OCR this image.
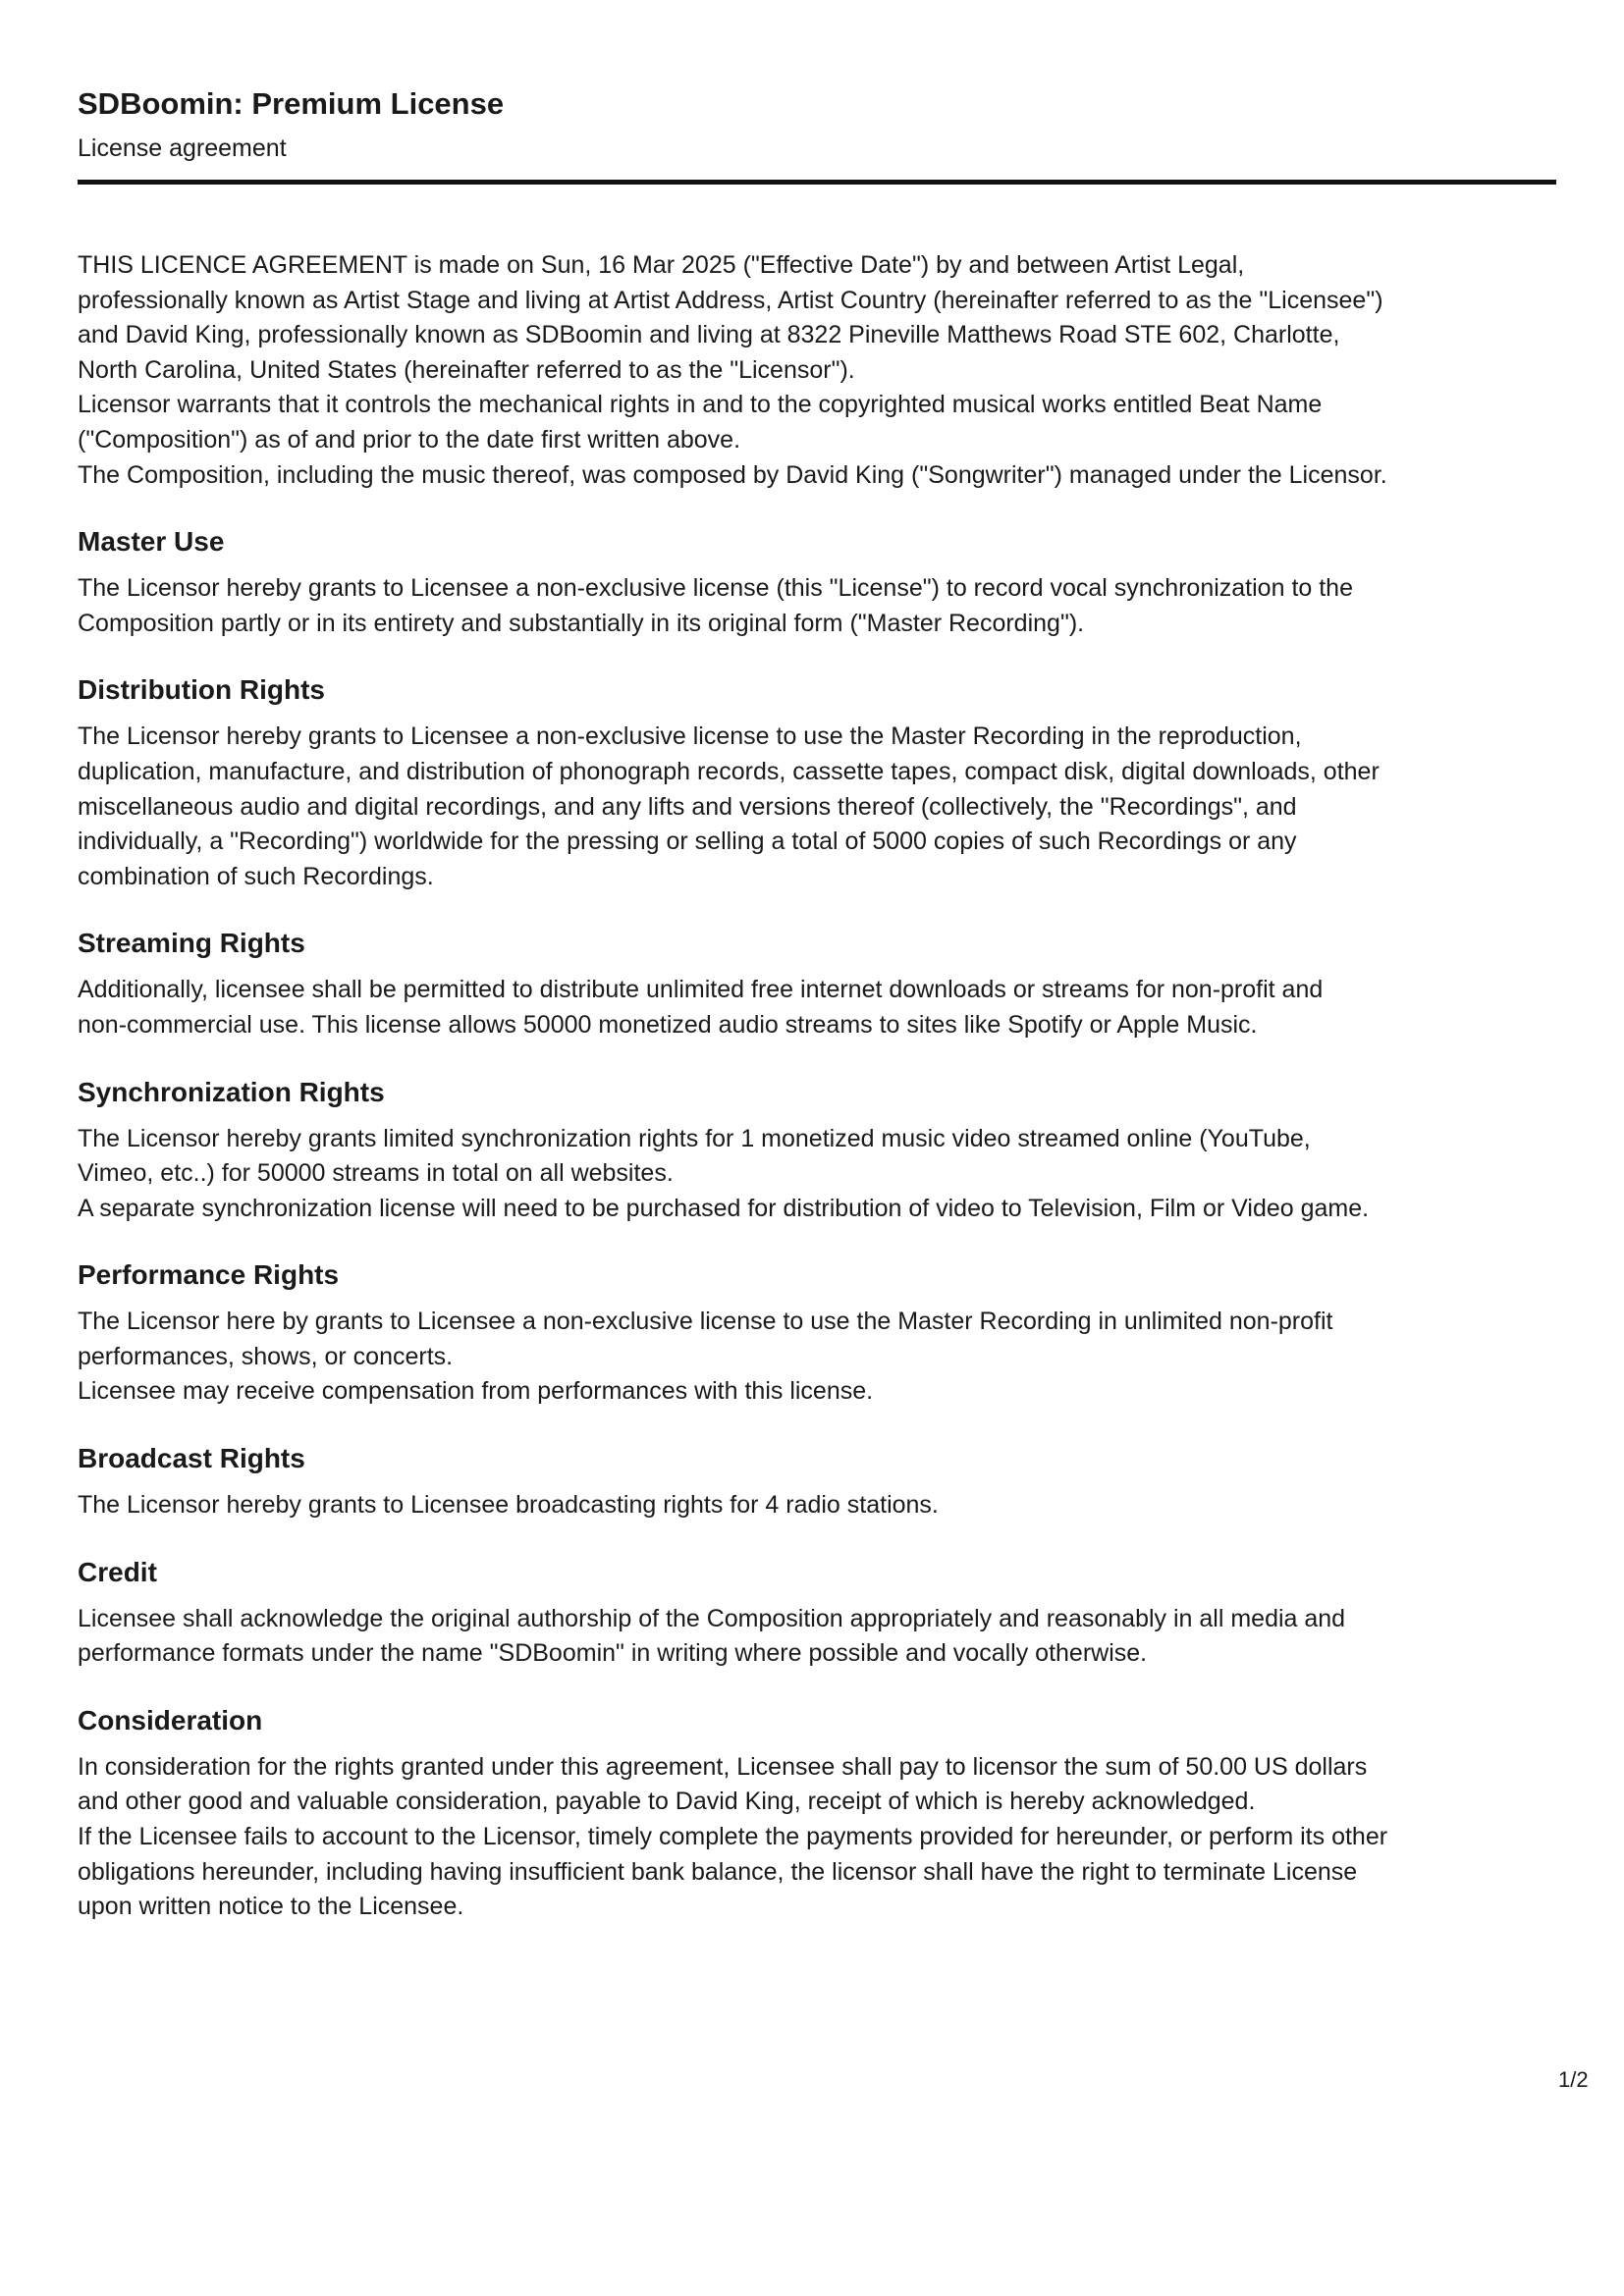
SDBoomin: Premium License
License agreement

THIS LICENCE AGREEMENT is made on Sun, 16 Mar 2025 ("Effective Date") by and between Artist Legal,

professionally known as Artist Stage and living at Artist Address, Artist Country (hereinafter referred to as the "Licensee")

and David King, professionally known as SDBoomin and living at 8322 Pineville Matthews Road STE 602, Charlotte,

North Carolina, United States (hereinafter referred to as the "Licensor").

Licensor warrants that it controls the mechanical rights in and to the copyrighted musical works entitled Beat Name

("Composition") as of and prior to the date first written above.

The Composition, including the music thereof, was composed by David King ("Songwriter") managed under the Licensor.

Master Use

The Licensor hereby grants to Licensee a non-exclusive license (this "License") to record vocal synchronization to the

Composition partly or in its entirety and substantially in its original form ("Master Recording").

Distribution Rights

The Licensor hereby grants to Licensee a non-exclusive license to use the Master Recording in the reproduction,

duplication, manufacture, and distribution of phonograph records, cassette tapes, compact disk, digital downloads, other

miscellaneous audio and digital recordings, and any lifts and versions thereof (collectively, the "Recordings", and

individually, a "Recording") worldwide for the pressing or selling a total of 5000 copies of such Recordings or any

combination of such Recordings.

Streaming Rights

Additionally, licensee shall be permitted to distribute unlimited free internet downloads or streams for non-profit and

non-commercial use. This license allows 50000 monetized audio streams to sites like Spotify or Apple Music.

Synchronization Rights

The Licensor hereby grants limited synchronization rights for 1 monetized music video streamed online (YouTube,

Vimeo, etc..) for 50000 streams in total on all websites.

A separate synchronization license will need to be purchased for distribution of video to Television, Film or Video game.

Performance Rights

The Licensor here by grants to Licensee a non-exclusive license to use the Master Recording in unlimited non-profit

performances, shows, or concerts.

Licensee may receive compensation from performances with this license.

Broadcast Rights

The Licensor hereby grants to Licensee broadcasting rights for 4 radio stations.

Credit

Licensee shall acknowledge the original authorship of the Composition appropriately and reasonably in all media and

performance formats under the name "SDBoomin" in writing where possible and vocally otherwise.

Consideration

In consideration for the rights granted under this agreement, Licensee shall pay to licensor the sum of 50.00 US dollars

and other good and valuable consideration, payable to David King, receipt of which is hereby acknowledged.

If the Licensee fails to account to the Licensor, timely complete the payments provided for hereunder, or perform its other

obligations hereunder, including having insufficient bank balance, the licensor shall have the right to terminate License

upon written notice to the Licensee.

1/2
